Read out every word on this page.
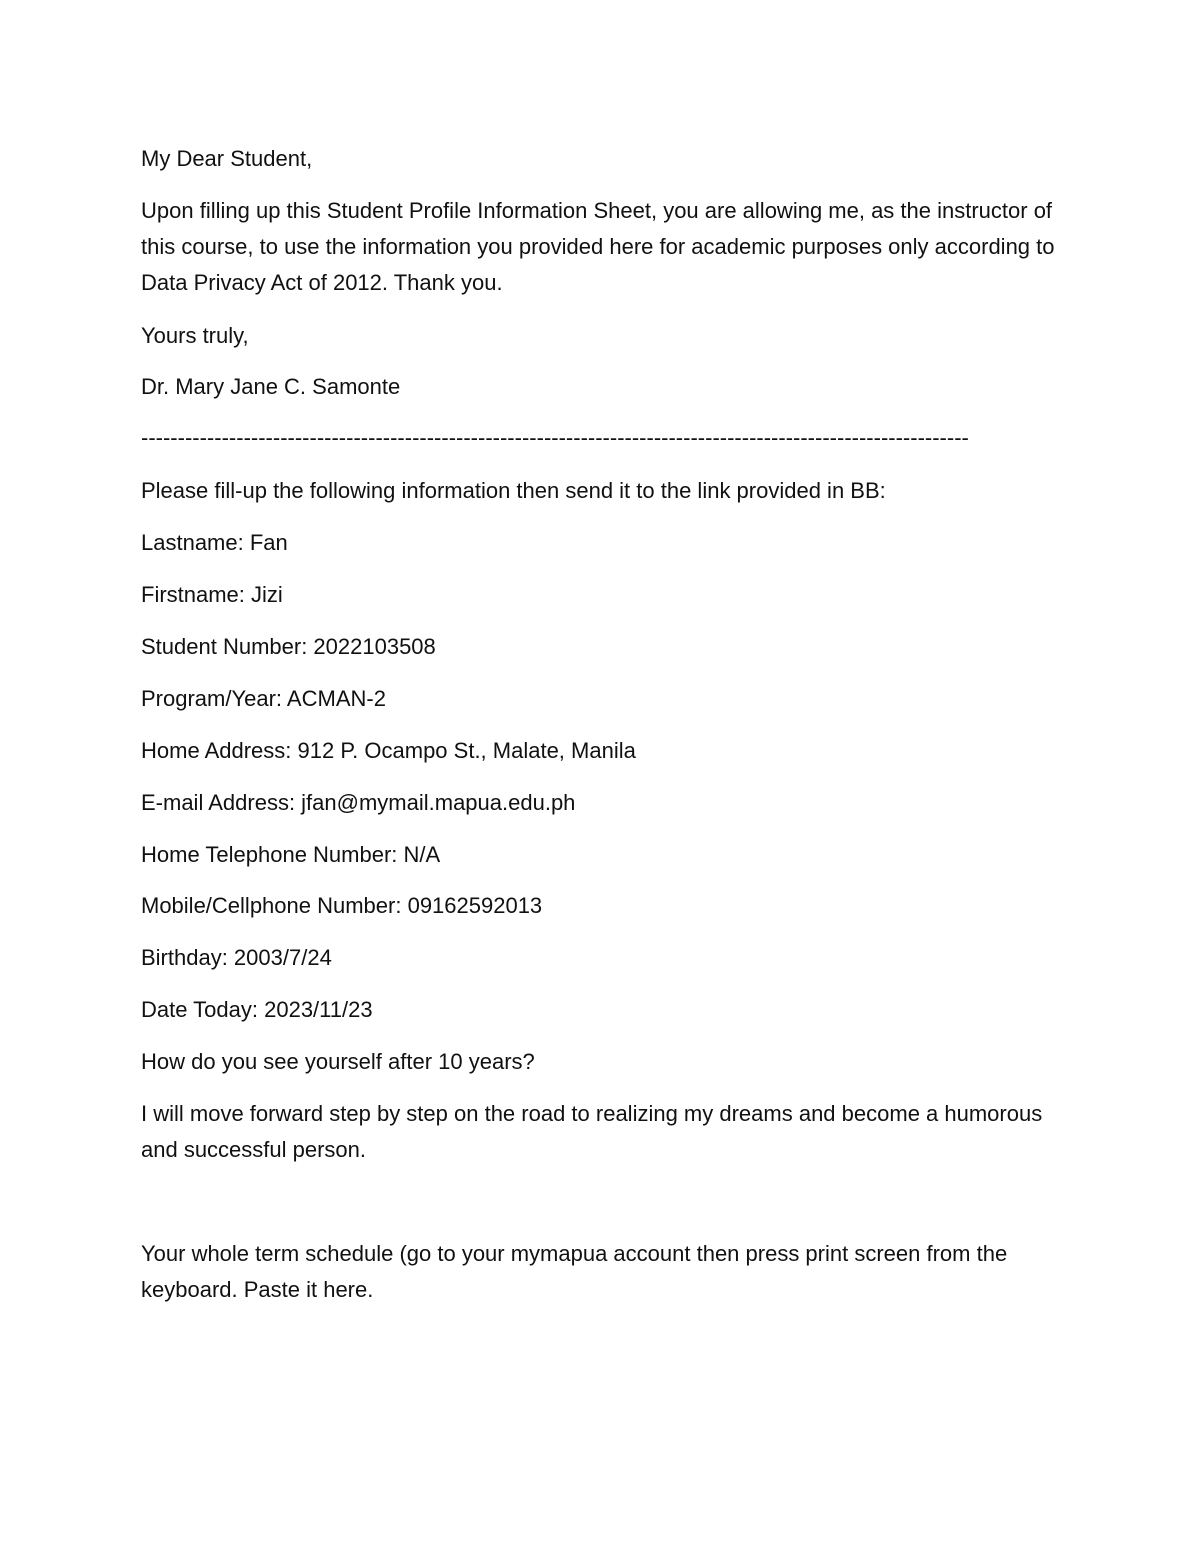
My Dear Student,
Upon filling up this Student Profile Information Sheet, you are allowing me, as the instructor of this course, to use the information you provided here for academic purposes only according to Data Privacy Act of 2012. Thank you.
Yours truly,
Dr. Mary Jane C. Samonte
-----------------------------------------------------------------------------------------------------------------
Please fill-up the following information then send it to the link provided in BB:
Lastname: Fan
Firstname: Jizi
Student Number: 2022103508
Program/Year: ACMAN-2
Home Address: 912 P. Ocampo St., Malate, Manila
E-mail Address: jfan@mymail.mapua.edu.ph
Home Telephone Number: N/A
Mobile/Cellphone Number: 09162592013
Birthday: 2003/7/24
Date Today: 2023/11/23
How do you see yourself after 10 years?
I will move forward step by step on the road to realizing my dreams and become a humorous and successful person.
Your whole term schedule (go to your mymapua account then press print screen from the keyboard. Paste it here.
